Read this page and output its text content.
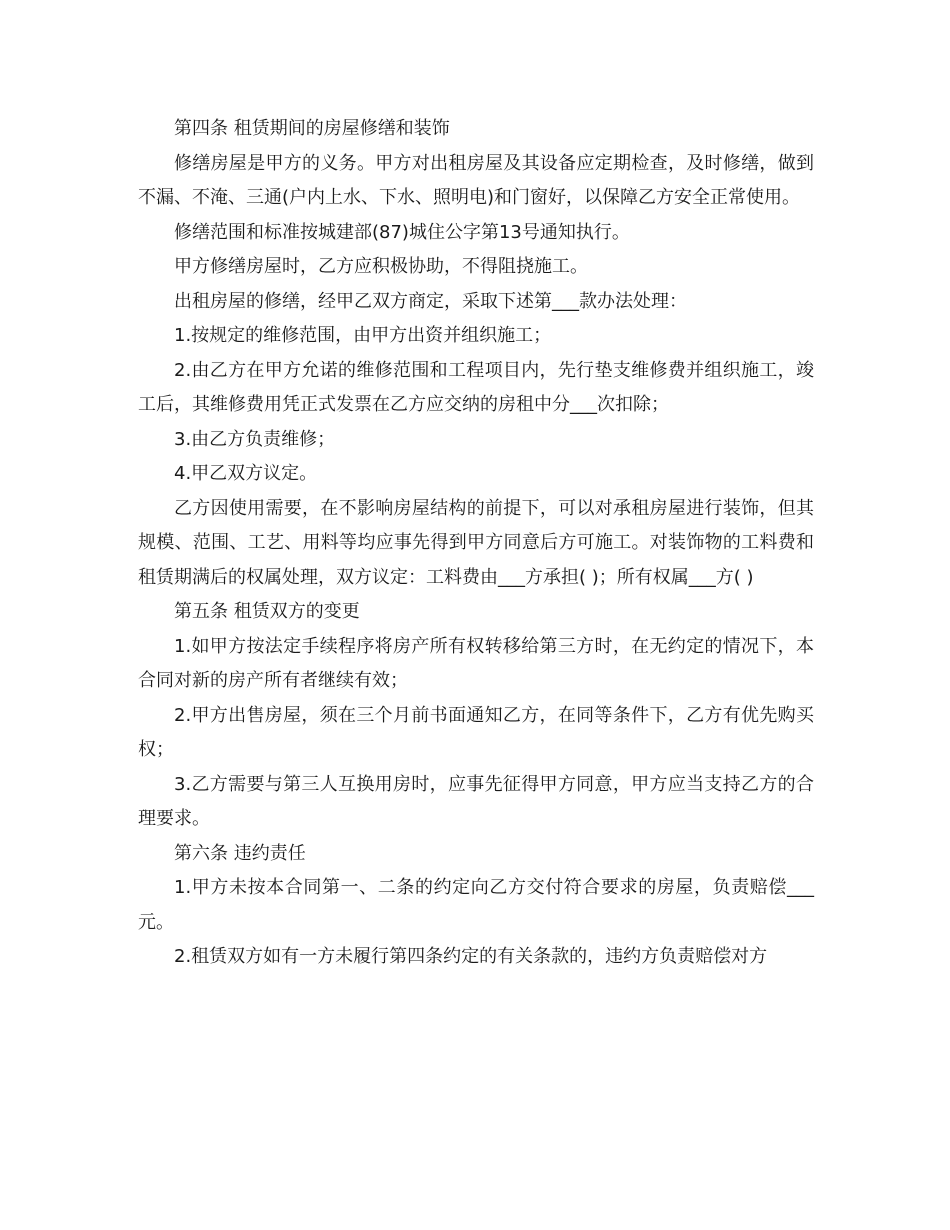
第四条 租赁期间的房屋修缮和装饰

修缮房屋是甲方的义务。甲方对出租房屋及其设备应定期检查，及时修缮，做到不漏、不淹、三通(户内上水、下水、照明电)和门窗好，以保障乙方安全正常使用。

修缮范围和标准按城建部(87)城住公字第13号通知执行。

甲方修缮房屋时，乙方应积极协助，不得阻挠施工。

出租房屋的修缮，经甲乙双方商定，采取下述第___款办法处理：

1.按规定的维修范围，由甲方出资并组织施工；

2.由乙方在甲方允诺的维修范围和工程项目内，先行垫支维修费并组织施工，竣工后，其维修费用凭正式发票在乙方应交纳的房租中分___次扣除；

3.由乙方负责维修；

4.甲乙双方议定。

乙方因使用需要，在不影响房屋结构的前提下，可以对承租房屋进行装饰，但其规模、范围、工艺、用料等均应事先得到甲方同意后方可施工。对装饰物的工料费和租赁期满后的权属处理，双方议定：工料费由___方承担( )；所有权属___方( )

第五条 租赁双方的变更

1.如甲方按法定手续程序将房产所有权转移给第三方时，在无约定的情况下，本合同对新的房产所有者继续有效；

2.甲方出售房屋，须在三个月前书面通知乙方，在同等条件下，乙方有优先购买权；

3.乙方需要与第三人互换用房时，应事先征得甲方同意，甲方应当支持乙方的合理要求。

第六条 违约责任

1.甲方未按本合同第一、二条的约定向乙方交付符合要求的房屋，负责赔偿___元。

2.租赁双方如有一方未履行第四条约定的有关条款的，违约方负责赔偿对方
